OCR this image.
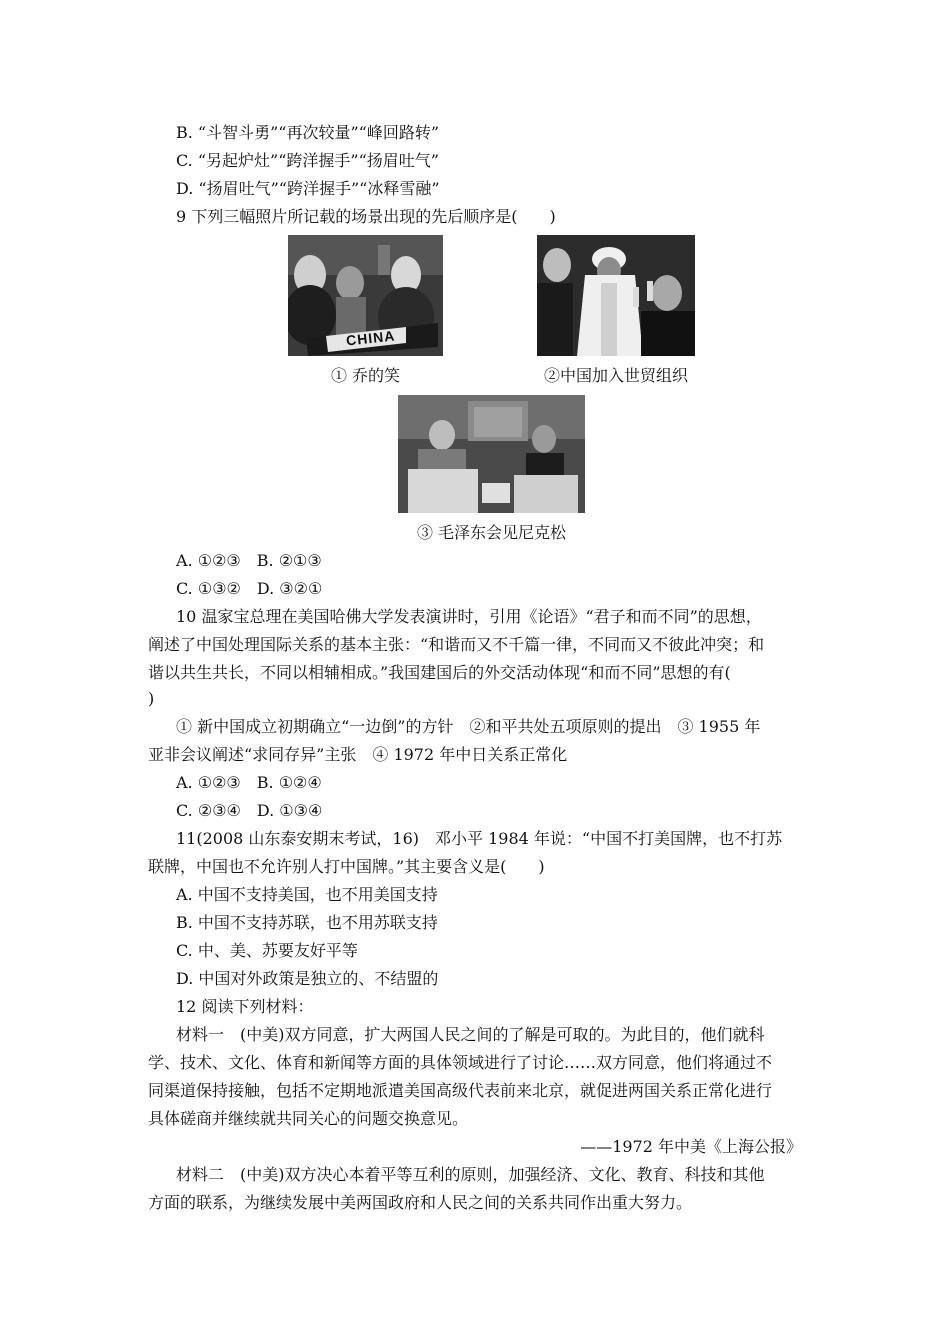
B. “斗智斗勇”“再次较量”“峰回路转”
C. “另起炉灶”“跨洋握手”“扬眉吐气”
D. “扬眉吐气”“跨洋握手”“冰释雪融”
9 下列三幅照片所记载的场景出现的先后顺序是(　　)
CHINA
① 乔的笑	②中国加入世贸组织
③ 毛泽东会见尼克松
A. ①②③　B. ②①③
C. ①③②　D. ③②①
10 温家宝总理在美国哈佛大学发表演讲时，引用《论语》“君子和而不同”的思想，
阐述了中国处理国际关系的基本主张：“和谐而又不千篇一律，不同而又不彼此冲突；和
谐以共生共长，不同以相辅相成。”我国建国后的外交活动体现“和而不同”思想的有(
)
① 新中国成立初期确立“一边倒”的方针　②和平共处五项原则的提出　③ 1955 年
亚非会议阐述“求同存异”主张　④ 1972 年中日关系正常化
A. ①②③　B. ①②④
C. ②③④　D. ①③④
11(2008 山东泰安期末考试，16)　邓小平 1984 年说：“中国不打美国牌，也不打苏
联牌，中国也不允许别人打中国牌。”其主要含义是(　　)
A. 中国不支持美国，也不用美国支持
B. 中国不支持苏联，也不用苏联支持
C. 中、美、苏要友好平等
D. 中国对外政策是独立的、不结盟的
12 阅读下列材料：
材料一　(中美)双方同意，扩大两国人民之间的了解是可取的。为此目的，他们就科
学、技术、文化、体育和新闻等方面的具体领域进行了讨论……双方同意，他们将通过不
同渠道保持接触，包括不定期地派遣美国高级代表前来北京，就促进两国关系正常化进行
具体磋商并继续就共同关心的问题交换意见。
——1972 年中美《上海公报》
材料二　(中美)双方决心本着平等互利的原则，加强经济、文化、教育、科技和其他
方面的联系，为继续发展中美两国政府和人民之间的关系共同作出重大努力。
